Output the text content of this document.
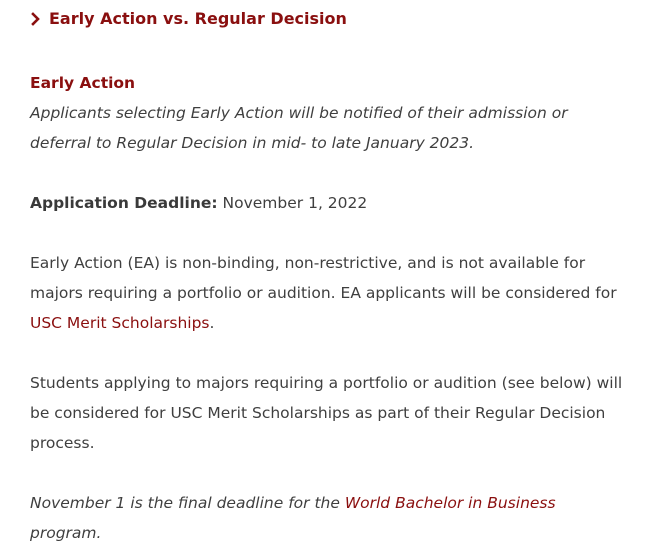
Early Action vs. Regular Decision

Early Action

Applicants selecting Early Action will be notified of their admission or
deferral to Regular Decision in mid- to late January 2023.

Application Deadline: November 1, 2022

Early Action (EA) is non-binding, non-restrictive, and is not available for majors requiring a portfolio or audition. EA applicants will be considered for USC Merit Scholarships.

Students applying to majors requiring a portfolio or audition (see below) will be considered for USC Merit Scholarships as part of their Regular Decision process.

November 1 is the final deadline for the World Bachelor in Business program.
